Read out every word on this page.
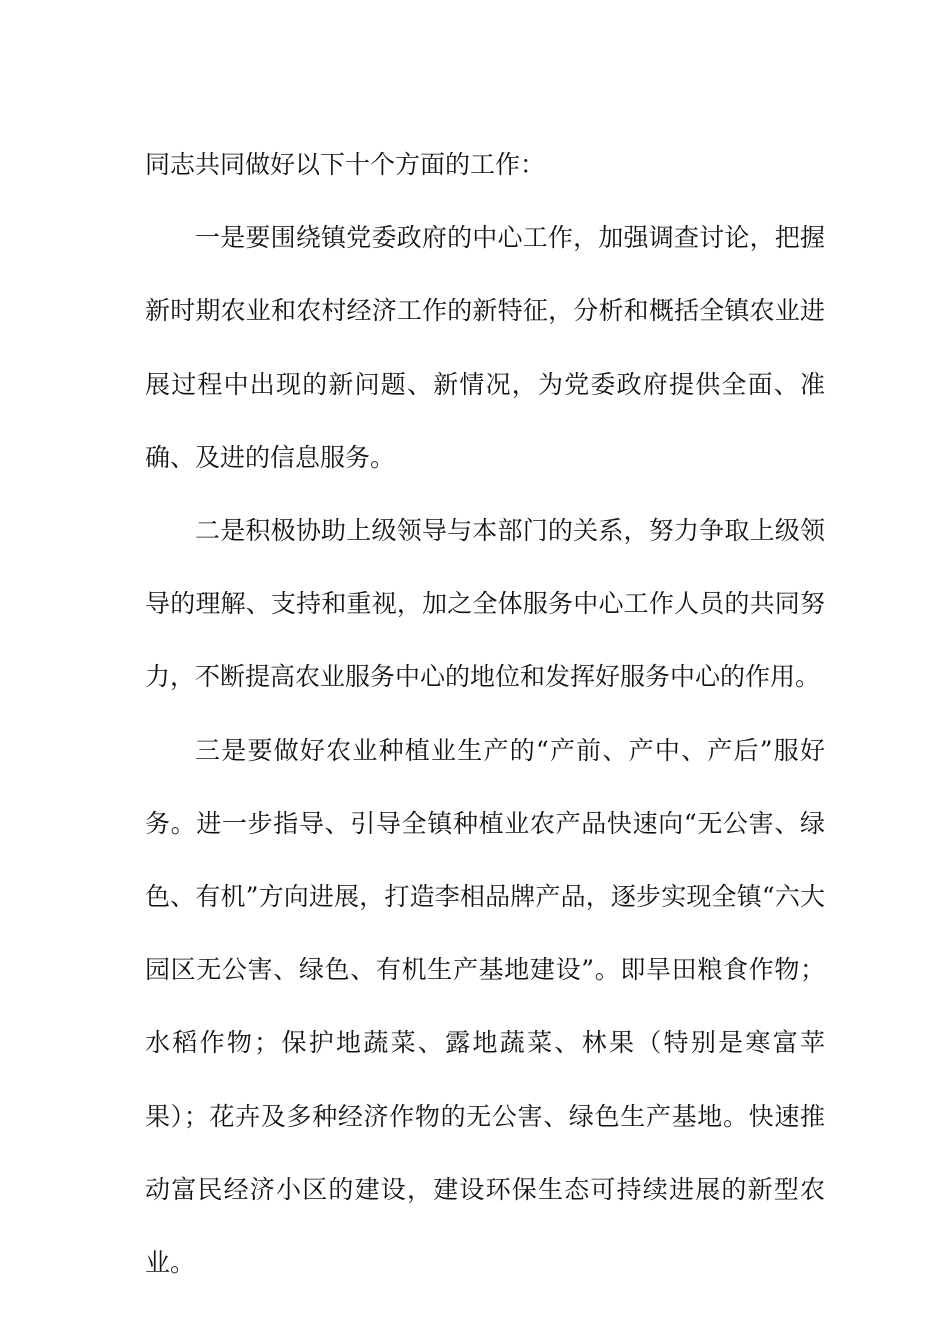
同志共同做好以下十个方面的工作：

一是要围绕镇党委政府的中心工作，加强调查讨论，把握新时期农业和农村经济工作的新特征，分析和概括全镇农业进展过程中出现的新问题、新情况，为党委政府提供全面、准确、及进的信息服务。

二是积极协助上级领导与本部门的关系，努力争取上级领导的理解、支持和重视，加之全体服务中心工作人员的共同努力，不断提高农业服务中心的地位和发挥好服务中心的作用。

三是要做好农业种植业生产的“产前、产中、产后”服好务。进一步指导、引导全镇种植业农产品快速向“无公害、绿色、有机”方向进展，打造李相品牌产品，逐步实现全镇“六大园区无公害、绿色、有机生产基地建设”。即旱田粮食作物；水稻作物；保护地蔬菜、露地蔬菜、林果（特别是寒富苹果）；花卉及多种经济作物的无公害、绿色生产基地。快速推动富民经济小区的建设，建设环保生态可持续进展的新型农业。
